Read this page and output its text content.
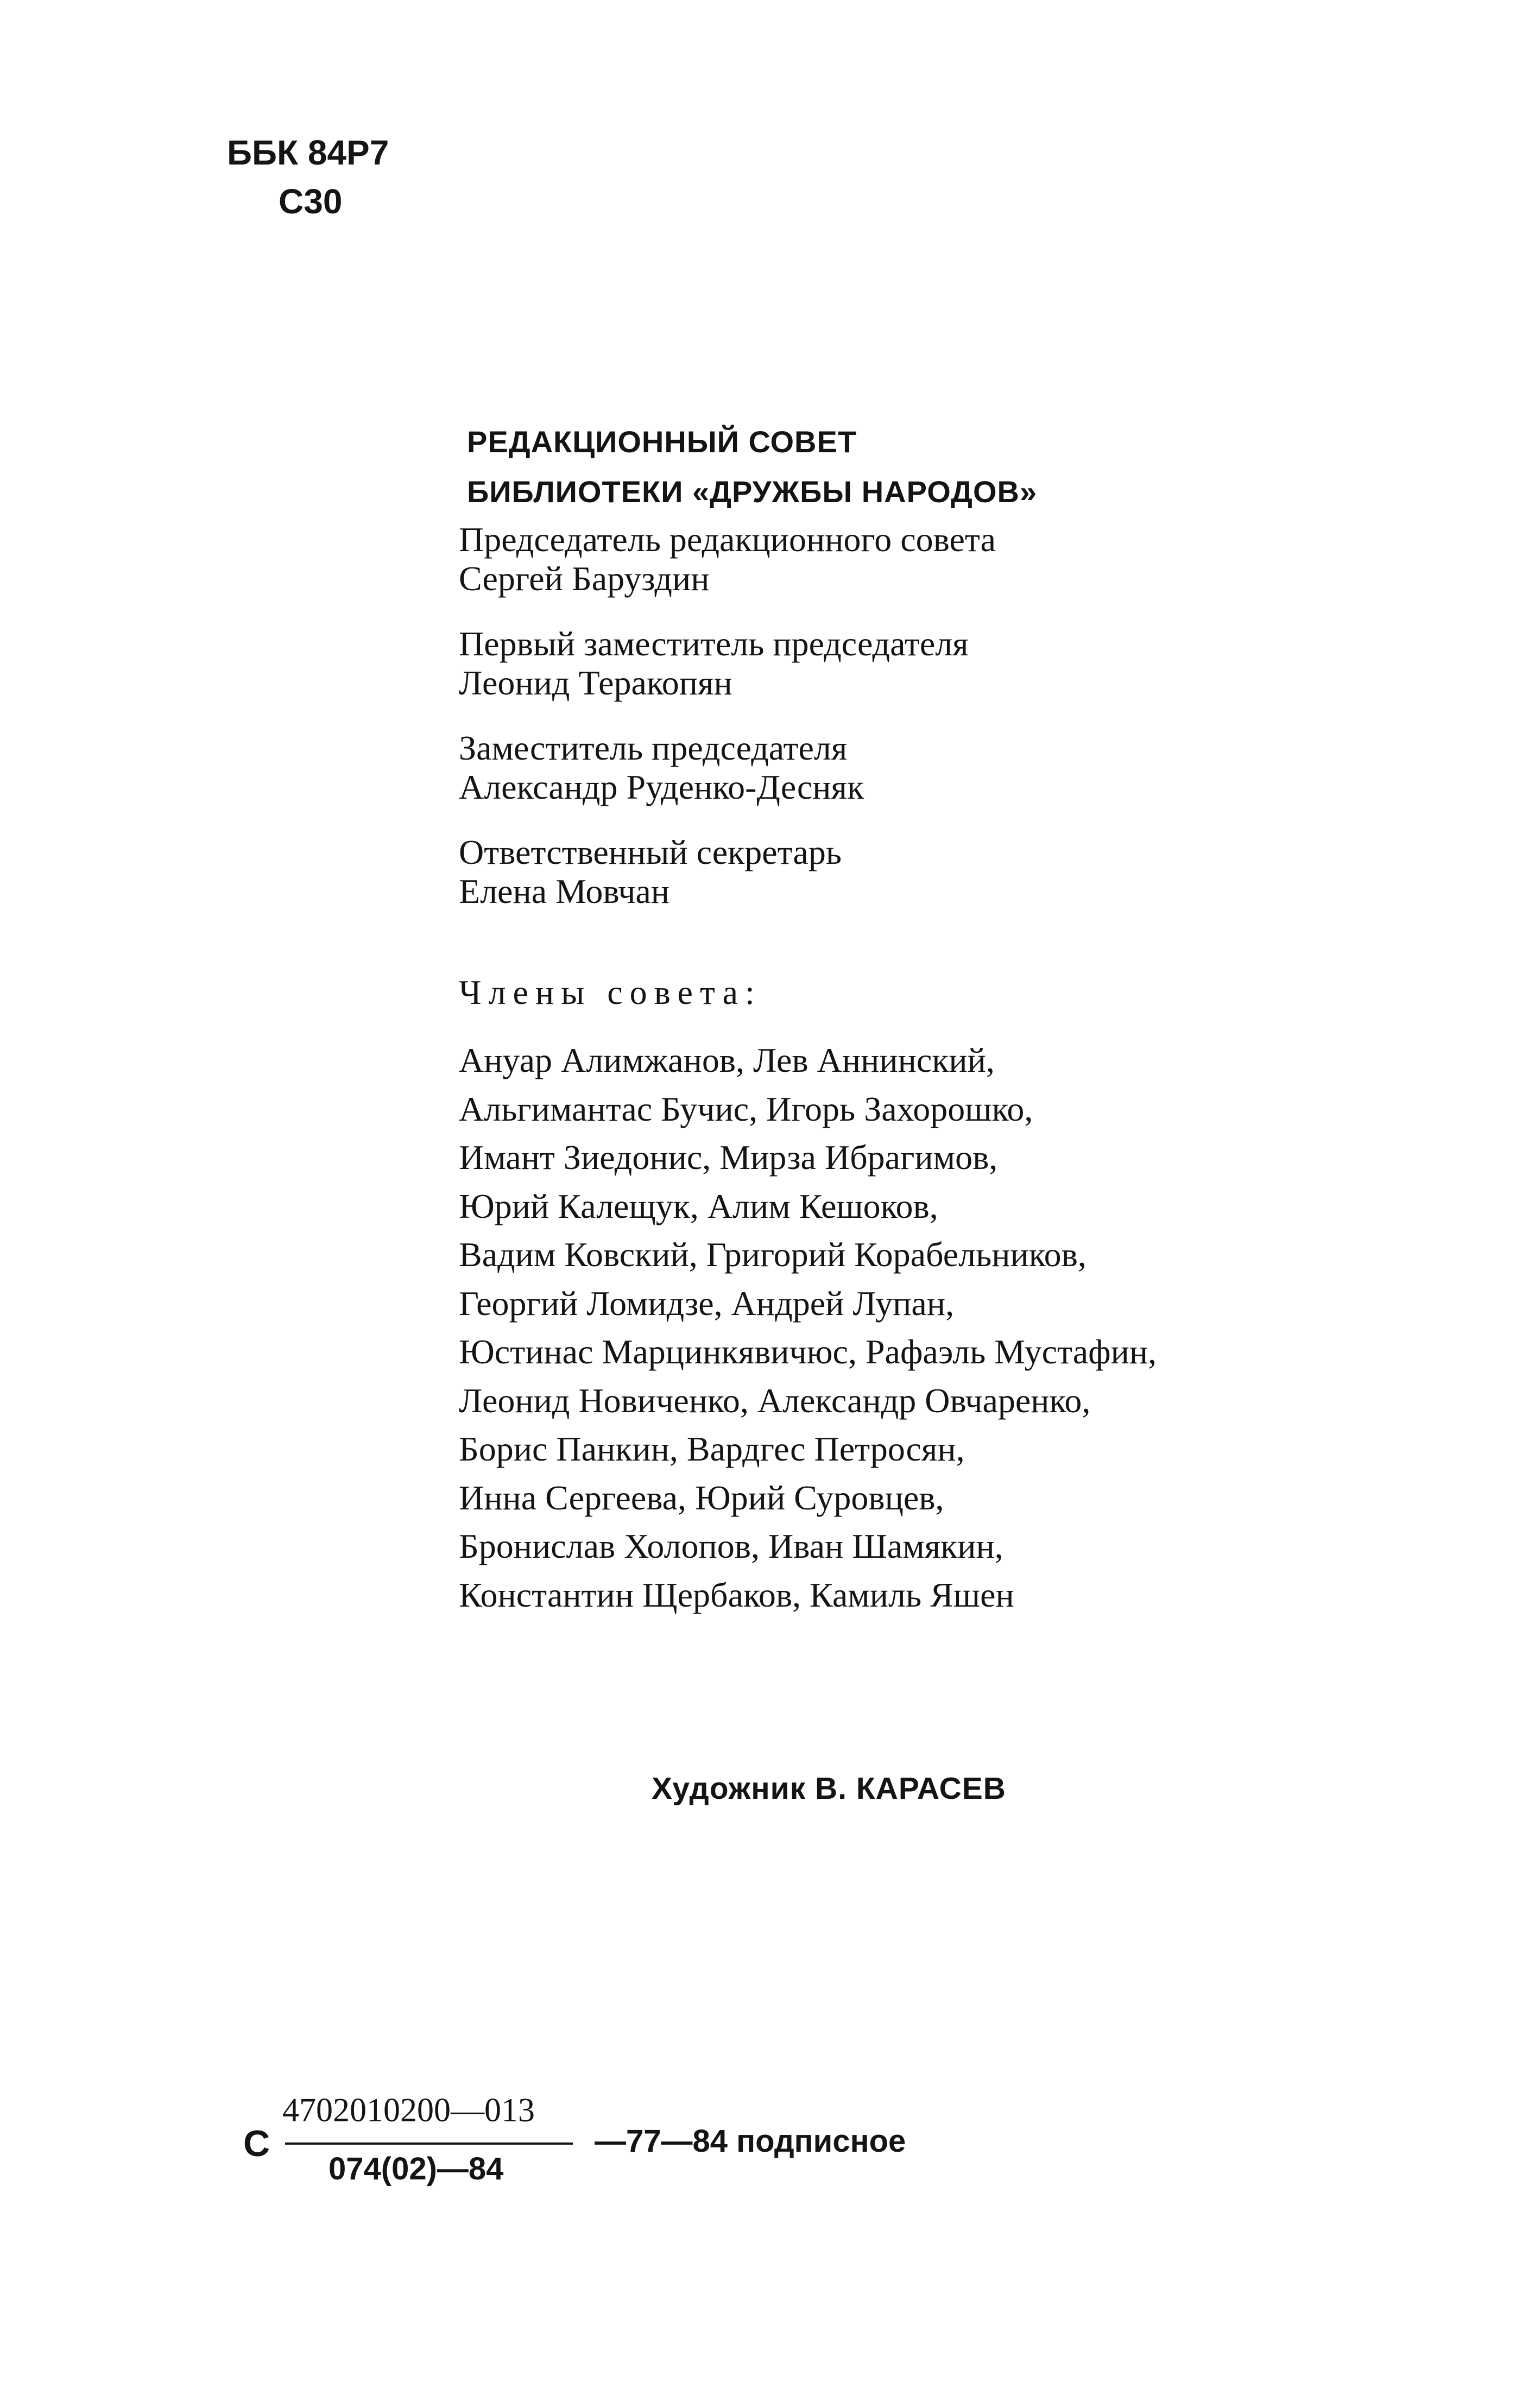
ББК 84Р7
С30
РЕДАКЦИОННЫЙ СОВЕТ
БИБЛИОТЕКИ «ДРУЖБЫ НАРОДОВ»
Председатель редакционного совета
Сергей Баруздин
Первый заместитель председателя
Леонид Теракопян
Заместитель председателя
Александр Руденко-Десняк
Ответственный секретарь
Елена Мовчан
Члены совета:
Ануар Алимжанов, Лев Аннинский,
Альгимантас Бучис, Игорь Захорошко,
Имант Зиедонис, Мирза Ибрагимов,
Юрий Калещук, Алим Кешоков,
Вадим Ковский, Григорий Корабельников,
Георгий Ломидзе, Андрей Лупан,
Юстинас Марцинкявичюс, Рафаэль Мустафин,
Леонид Новиченко, Александр Овчаренко,
Борис Панкин, Вардгес Петросян,
Инна Сергеева, Юрий Суровцев,
Бронислав Холопов, Иван Шамякин,
Константин Щербаков, Камиль Яшен
Художник В. КАРАСЕВ
С
4702010200—013
074(02)—84
—77—84 подписное
